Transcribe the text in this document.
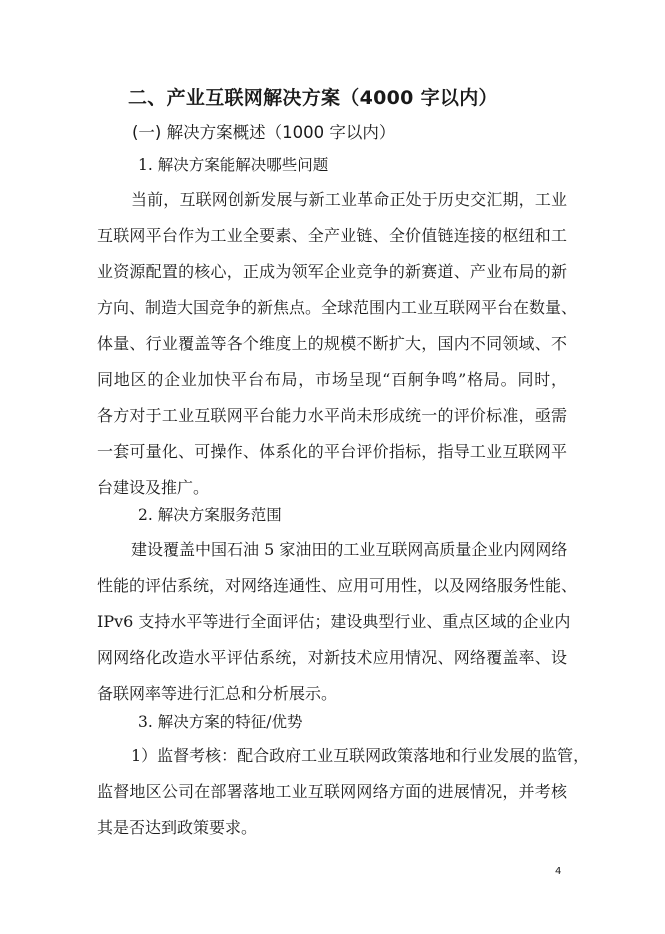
二、产业互联网解决方案（4000 字以内）
(一) 解决方案概述（1000 字以内）
1. 解决方案能解决哪些问题
当前，互联网创新发展与新工业革命正处于历史交汇期，工业
互联网平台作为工业全要素、全产业链、全价值链连接的枢纽和工
业资源配置的核心，正成为领军企业竞争的新赛道、产业布局的新
方向、制造大国竞争的新焦点。全球范围内工业互联网平台在数量、
体量、行业覆盖等各个维度上的规模不断扩大，国内不同领域、不
同地区的企业加快平台布局，市场呈现“百舸争鸣”格局。同时，
各方对于工业互联网平台能力水平尚未形成统一的评价标准，亟需
一套可量化、可操作、体系化的平台评价指标，指导工业互联网平
台建设及推广。
2. 解决方案服务范围
建设覆盖中国石油 5 家油田的工业互联网高质量企业内网网络
性能的评估系统，对网络连通性、应用可用性，以及网络服务性能、
IPv6 支持水平等进行全面评估；建设典型行业、重点区域的企业内
网网络化改造水平评估系统，对新技术应用情况、网络覆盖率、设
备联网率等进行汇总和分析展示。
3. 解决方案的特征/优势
1）监督考核：配合政府工业互联网政策落地和行业发展的监管，
监督地区公司在部署落地工业互联网网络方面的进展情况，并考核
其是否达到政策要求。
4
